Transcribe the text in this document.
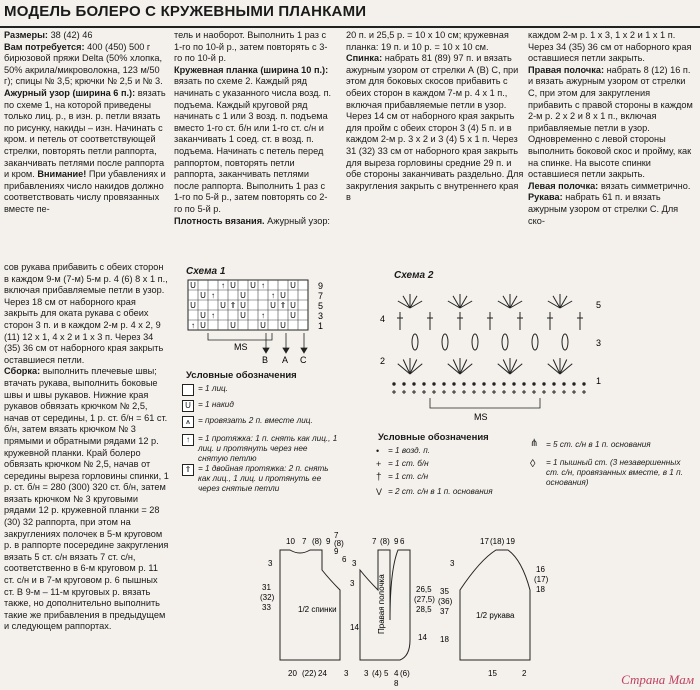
МОДЕЛЬ БОЛЕРО С КРУЖЕВНЫМИ ПЛАНКАМИ

Размеры: 38 (42) 46

Вам потребуется: 400 (450) 500 г бирюзовой пряжи Delta (50% хлопка, 50% акрила/микроволокна, 123 м/50 г); спицы № 3,5; крючки № 2,5 и № 3.

Ажурный узор (ширина 6 п.): вязать по схеме 1, на которой приведены только лиц. р., в изн. р. петли вязать по рисунку, накиды – изн. Начинать с кром. и петель от соответствующей стрелки, повторять петли раппорта, заканчивать петлями после раппорта и кром. Внимание! При убавлениях и прибавлениях число накидов должно соответствовать числу провязанных вместе пе-

тель и наоборот. Выполнить 1 раз с 1-го по 10-й р., затем повторять с 3-го по 10-й р.

Кружевная планка (ширина 10 п.): вязать по схеме 2. Каждый ряд начинать с указанного числа возд. п. подъема. Каждый круговой ряд начинать с 1 или 3 возд. п. подъема вместо 1-го ст. б/н или 1-го ст. с/н и заканчивать 1 соед. ст. в возд. п. подъема. Начинать с петель перед раппортом, повторять петли раппорта, заканчивать петлями после раппорта. Выполнить 1 раз с 1-го по 5-й р., затем повторять со 2-го по 5-й р.

Плотность вязания. Ажурный узор:

20 п. и 25,5 р. = 10 х 10 см; кружевная планка: 19 п. и 10 р. = 10 х 10 см.

Спинка: набрать 81 (89) 97 п. и вязать ажурным узором от стрелки А (В) С, при этом для боковых скосов прибавить с обеих сторон в каждом 7-м р. 4 х 1 п., включая прибавляемые петли в узор. Через 14 см от наборного края закрыть для пройм с обеих сторон 3 (4) 5 п. и в каждом 2-м р. 3 х 2 и 3 (4) 5 х 1 п. Через 31 (32) 33 см от наборного края закрыть для выреза горловины средние 29 п. и обе стороны заканчивать раздельно. Для закругления закрыть с внутреннего края в

каждом 2-м р. 1 х 3, 1 х 2 и 1 х 1 п. Через 34 (35) 36 см от наборного края оставшиеся петли закрыть.

Правая полочка: набрать 8 (12) 16 п. и вязать ажурным узором от стрелки С, при этом для закругления прибавить с правой стороны в каждом 2-м р. 2 х 2 и 8 х 1 п., включая прибавляемые петли в узор. Одновременно с левой стороны выполнить боковой скос и пройму, как на спинке. На высоте спинки оставшиеся петли закрыть.

Левая полочка: вязать симметрично.

Рукава: набрать 61 п. и вязать ажурным узором от стрелки С. Для ско-

сов рукава прибавить с обеих сторон в каждом 9-м (7-м) 5-м р. 4 (6) 8 х 1 п., включая прибавляемые петли в узор. Через 18 см от наборного края закрыть для оката рукава с обеих сторон 3 п. и в каждом 2-м р. 4 х 2, 9 (11) 12 х 1, 4 х 2 и 1 х 3 п. Через 34 (35) 36 см от наборного края закрыть оставшиеся петли.

Сборка: выполнить плечевые швы; втачать рукава, выполнить боковые швы и швы рукавов. Нижние края рукавов обвязать крючком № 2,5, начав от середины, 1 р. ст. б/н = 61 ст. б/н, затем вязать крючком № 3 прямыми и обратными рядами 12 р. кружевной планки. Край болеро обвязать крючком № 2,5, начав от середины выреза горловины спинки, 1 р. ст. б/н = 280 (300) 320 ст. б/н, затем вязать крючком № 3 круговыми рядами 12 р. кружевной планки = 28 (30) 32 раппорта, при этом на закруглениях полочек в 5-м круговом р. в раппорте посередине закругления вязать 5 ст. с/н вязать 7 ст. с/н, соответственно в 6-м круговом р. 11 ст. с/н и в 7-м круговом р. 6 пышных ст. В 9-м – 11-м круговых р. вязать также, но дополнительно выполнить такие же прибавления в предыдущем и следующем раппортах.

Схема 1
U	↑ U U ↑	U
U ↑	U	↑ U
U	U ⇑ U	U ⇑ U
U ↑	U ↑	U
↑ U	U	U U
9
7
5
3
1
MS
B A C
Условные обозначения
= 1 лиц.
U = 1 накид
⩚ = провязать 2 п. вместе лиц.
↑ = 1 протяжка: 1 п. снять как лиц., 1 лиц. и протянуть через нее снятую петлю
⇑ = 1 двойная протяжка: 2 п. снять как лиц., 1 лиц. и протянуть ее через снятые петли
Схема 2
5
4
3
2
1
MS
Условные обозначения
• = 1 возд. п.
+ = 1 ст. б/н
† = 1 ст. с/н
V = 2 ст. с/н в 1 п. основания
⋔ = 5 ст. с/н в 1 п. основания
◊ = 1 пышный ст. (3 незавершенных ст. с/н, провязанных вместе, в 1 п. основания)
1/2 спинки	Правая полочка	1/2 рукава
10 7 (8) 9
7
(8)
9
6
31
(32)
33
14
20 (22) 24 3
3
3
7 (8) 9 6
26,5
(27,5)
28,5
14
3 (4) 5 4 (6)
8
3
17 (18) 19
35
(36)
37
18
16
(17)
18
15	2
3
Страна Мам
